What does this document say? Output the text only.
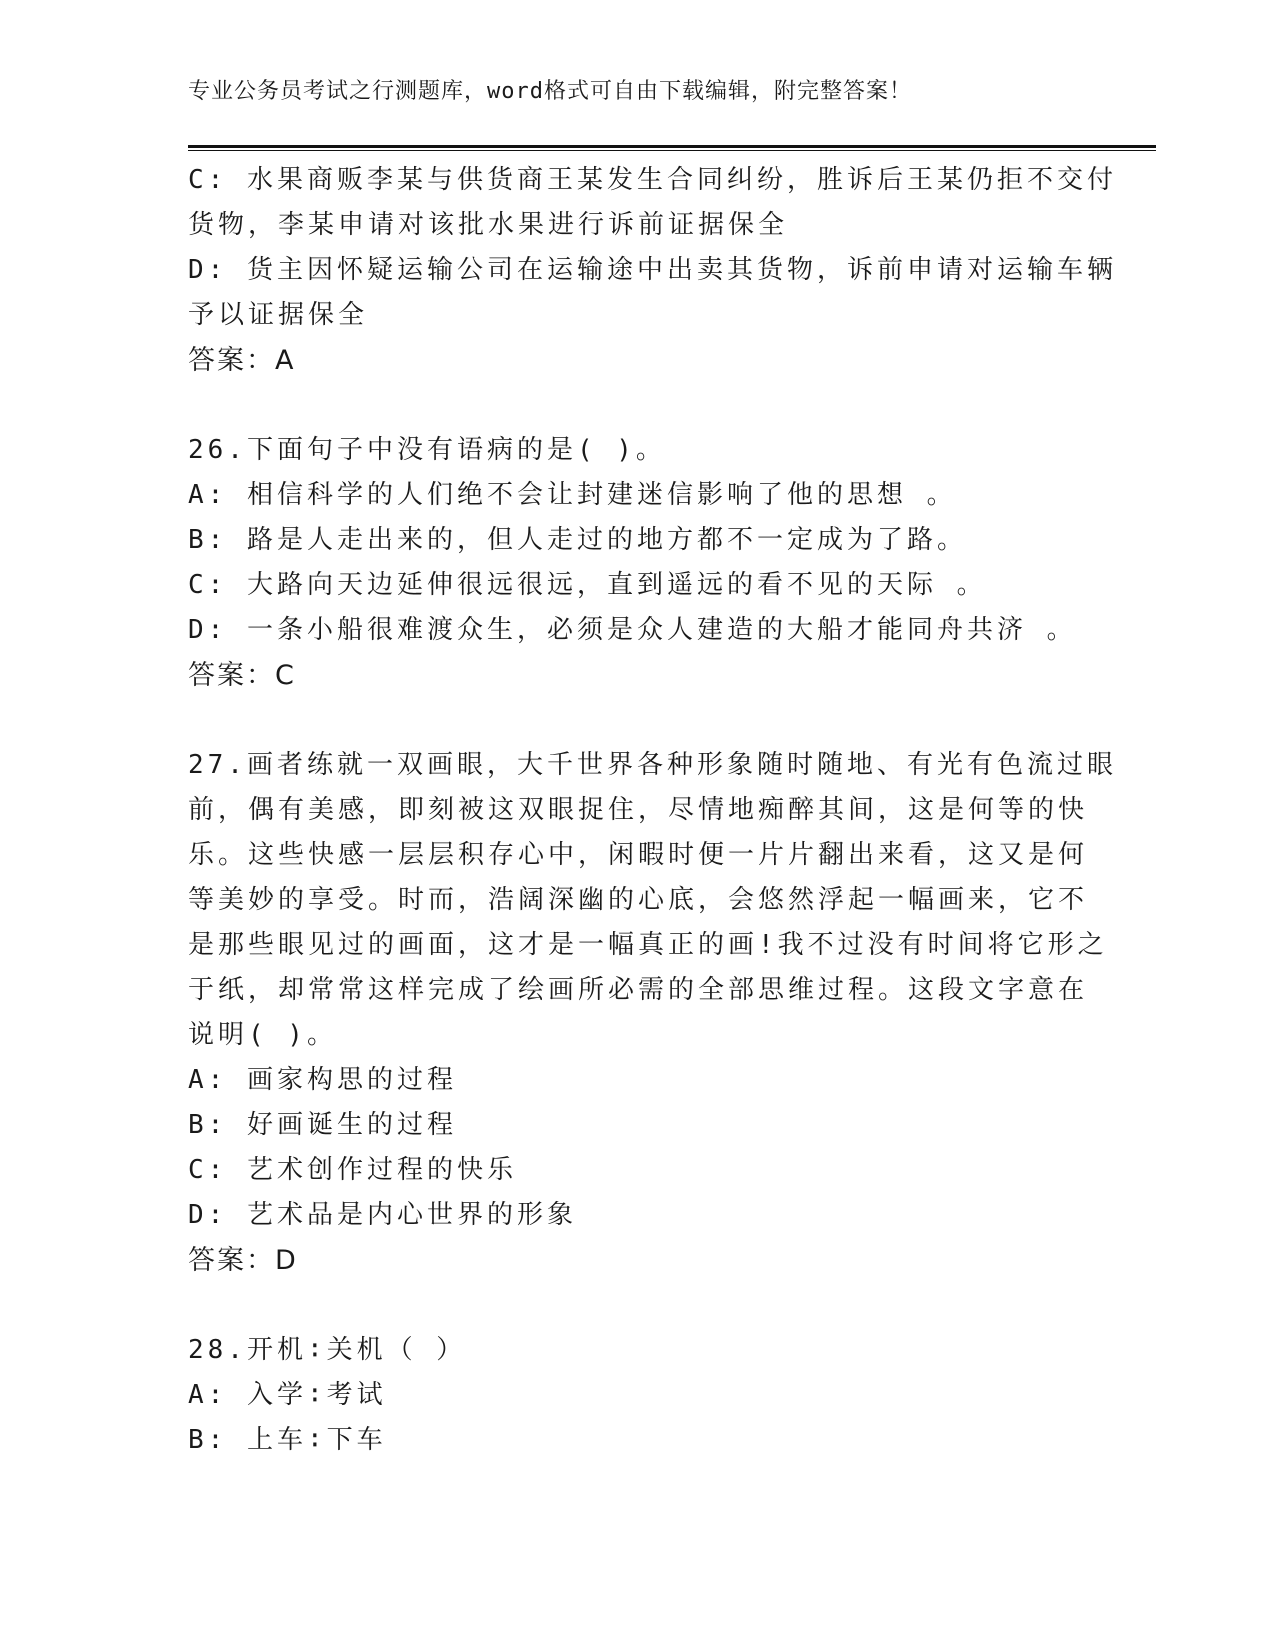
专业公务员考试之行测题库，word格式可自由下载编辑，附完整答案！
C: 水果商贩李某与供货商王某发生合同纠纷，胜诉后王某仍拒不交付
货物，李某申请对该批水果进行诉前证据保全
D: 货主因怀疑运输公司在运输途中出卖其货物，诉前申请对运输车辆
予以证据保全
答案：A
26.下面句子中没有语病的是( )。
A: 相信科学的人们绝不会让封建迷信影响了他的思想 。
B: 路是人走出来的，但人走过的地方都不一定成为了路。
C: 大路向天边延伸很远很远，直到遥远的看不见的天际 。
D: 一条小船很难渡众生，必须是众人建造的大船才能同舟共济 。
答案：C
27.画者练就一双画眼，大千世界各种形象随时随地、有光有色流过眼
前，偶有美感，即刻被这双眼捉住，尽情地痴醉其间，这是何等的快
乐。这些快感一层层积存心中，闲暇时便一片片翻出来看，这又是何
等美妙的享受。时而，浩阔深幽的心底，会悠然浮起一幅画来，它不
是那些眼见过的画面，这才是一幅真正的画!我不过没有时间将它形之
于纸，却常常这样完成了绘画所必需的全部思维过程。这段文字意在
说明( )。
A: 画家构思的过程
B: 好画诞生的过程
C: 艺术创作过程的快乐
D: 艺术品是内心世界的形象
答案：D
28.开机∶关机（ ）
A: 入学∶考试
B: 上车∶下车
